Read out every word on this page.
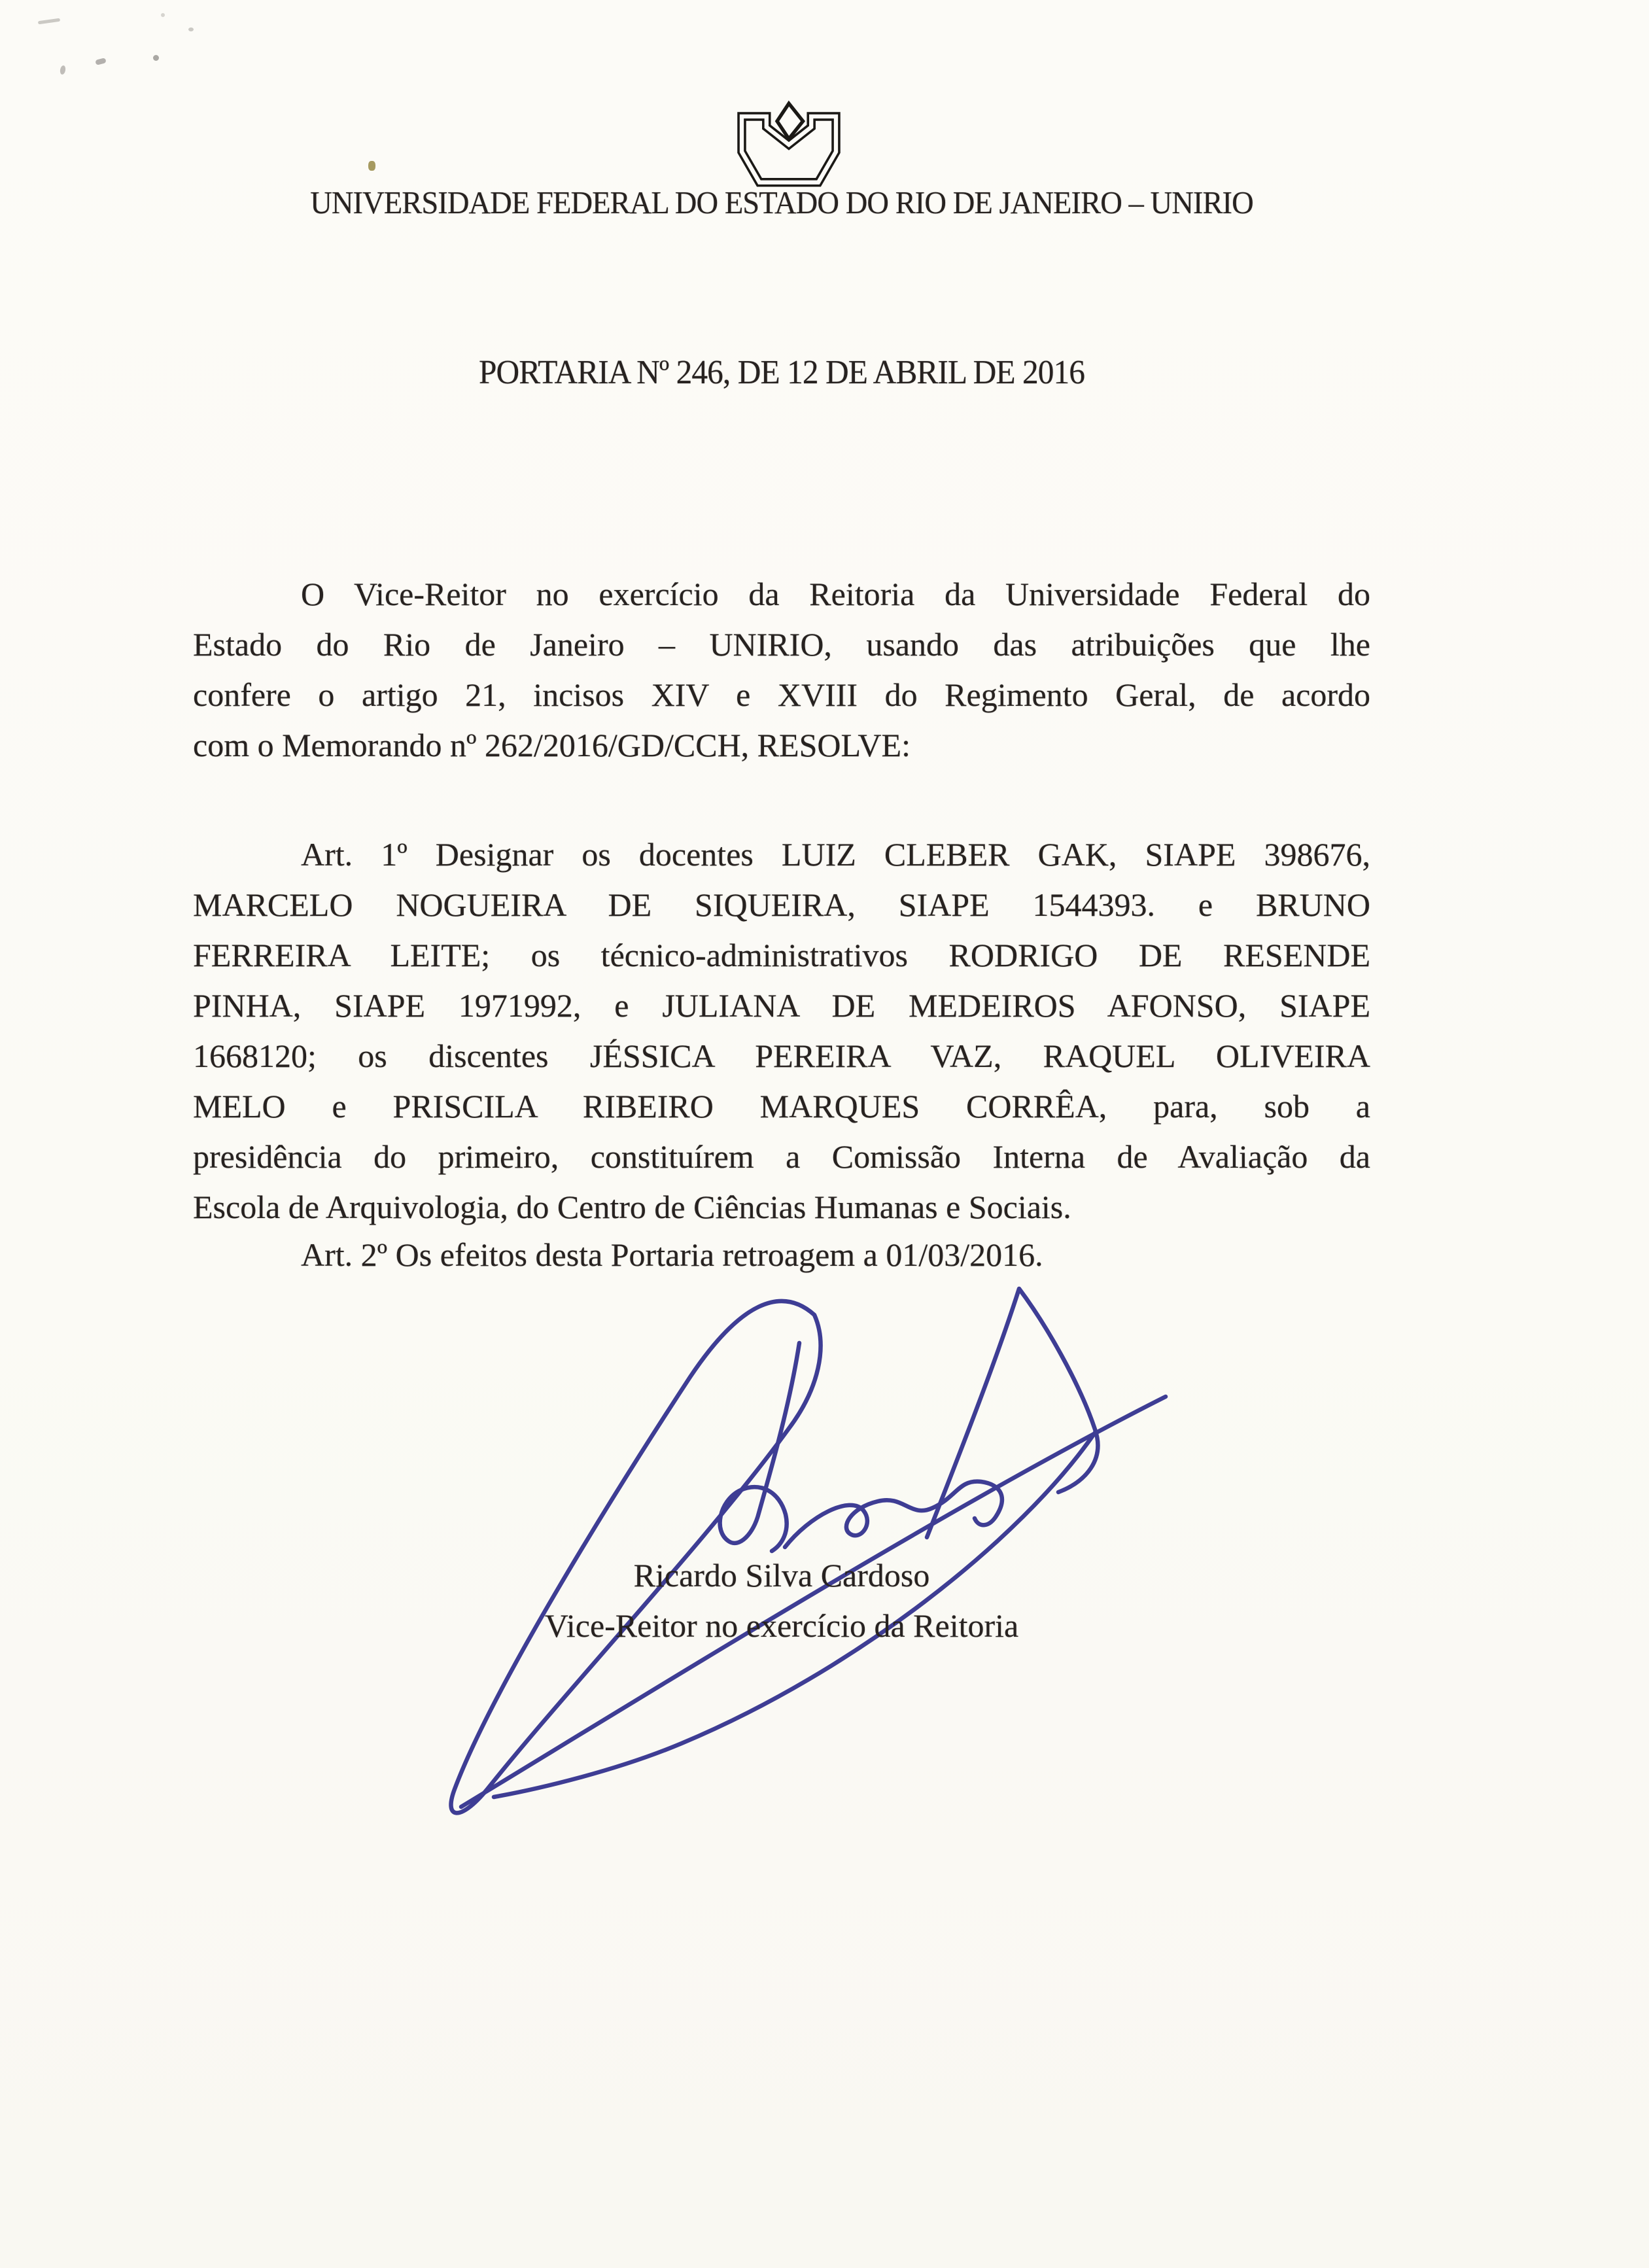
UNIVERSIDADE FEDERAL DO ESTADO DO RIO DE JANEIRO – UNIRIO
PORTARIA Nº 246, DE 12 DE ABRIL DE 2016
O Vice-Reitor no exercício da Reitoria da Universidade Federal do
Estado do Rio de Janeiro – UNIRIO, usando das atribuições que lhe
confere o artigo 21, incisos XIV e XVIII do Regimento Geral, de acordo
com o Memorando nº 262/2016/GD/CCH, RESOLVE:
Art. 1º Designar os docentes LUIZ CLEBER GAK, SIAPE 398676,
MARCELO NOGUEIRA DE SIQUEIRA, SIAPE 1544393. e BRUNO
FERREIRA LEITE; os técnico-administrativos RODRIGO DE RESENDE
PINHA, SIAPE 1971992, e JULIANA DE MEDEIROS AFONSO, SIAPE
1668120; os discentes JÉSSICA PEREIRA VAZ, RAQUEL OLIVEIRA
MELO e PRISCILA RIBEIRO MARQUES CORRÊA, para, sob a
presidência do primeiro, constituírem a Comissão Interna de Avaliação da
Escola de Arquivologia, do Centro de Ciências Humanas e Sociais.
Art. 2º Os efeitos desta Portaria retroagem a 01/03/2016.
Ricardo Silva Cardoso
Vice-Reitor no exercício da Reitoria
